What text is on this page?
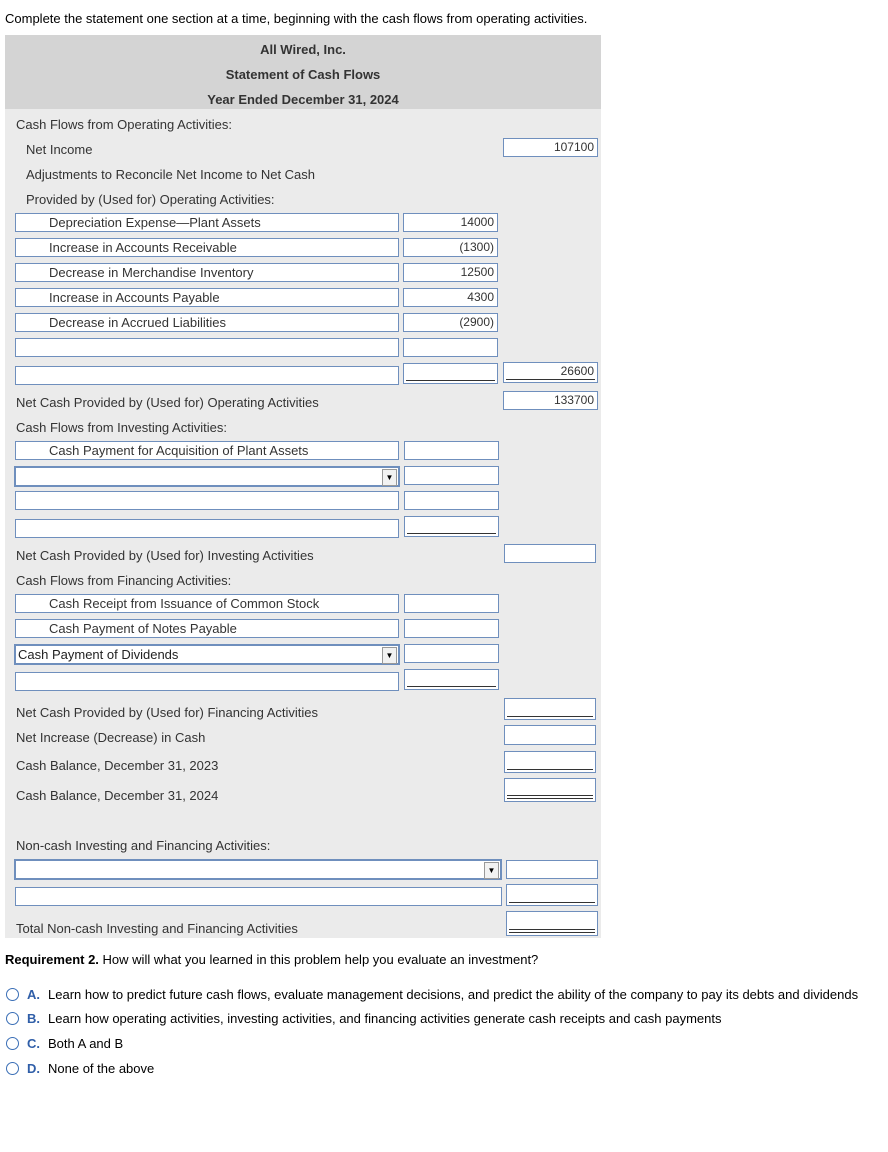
Complete the statement one section at a time, beginning with the cash flows from operating activities.
All Wired, Inc.
Statement of Cash Flows
Year Ended December 31, 2024
Cash Flows from Operating Activities:
Net Income	107100
Adjustments to Reconcile Net Income to Net Cash
Provided by (Used for) Operating Activities:
Depreciation Expense—Plant Assets	14000
Increase in Accounts Receivable	(1300)
Decrease in Merchandise Inventory	12500
Increase in Accounts Payable	4300
Decrease in Accrued Liabilities	(2900)
26600
Net Cash Provided by (Used for) Operating Activities	133700
Cash Flows from Investing Activities:
Cash Payment for Acquisition of Plant Assets
▼
Net Cash Provided by (Used for) Investing Activities
Cash Flows from Financing Activities:
Cash Receipt from Issuance of Common Stock
Cash Payment of Notes Payable
Cash Payment of Dividends	▼
Net Cash Provided by (Used for) Financing Activities
Net Increase (Decrease) in Cash
Cash Balance, December 31, 2023
Cash Balance, December 31, 2024
Non-cash Investing and Financing Activities:
▼
Total Non-cash Investing and Financing Activities
Requirement 2. How will what you learned in this problem help you evaluate an investment?
A. Learn how to predict future cash flows, evaluate management decisions, and predict the ability of the company to pay its debts and dividends
B. Learn how operating activities, investing activities, and financing activities generate cash receipts and cash payments
C. Both A and B
D. None of the above
